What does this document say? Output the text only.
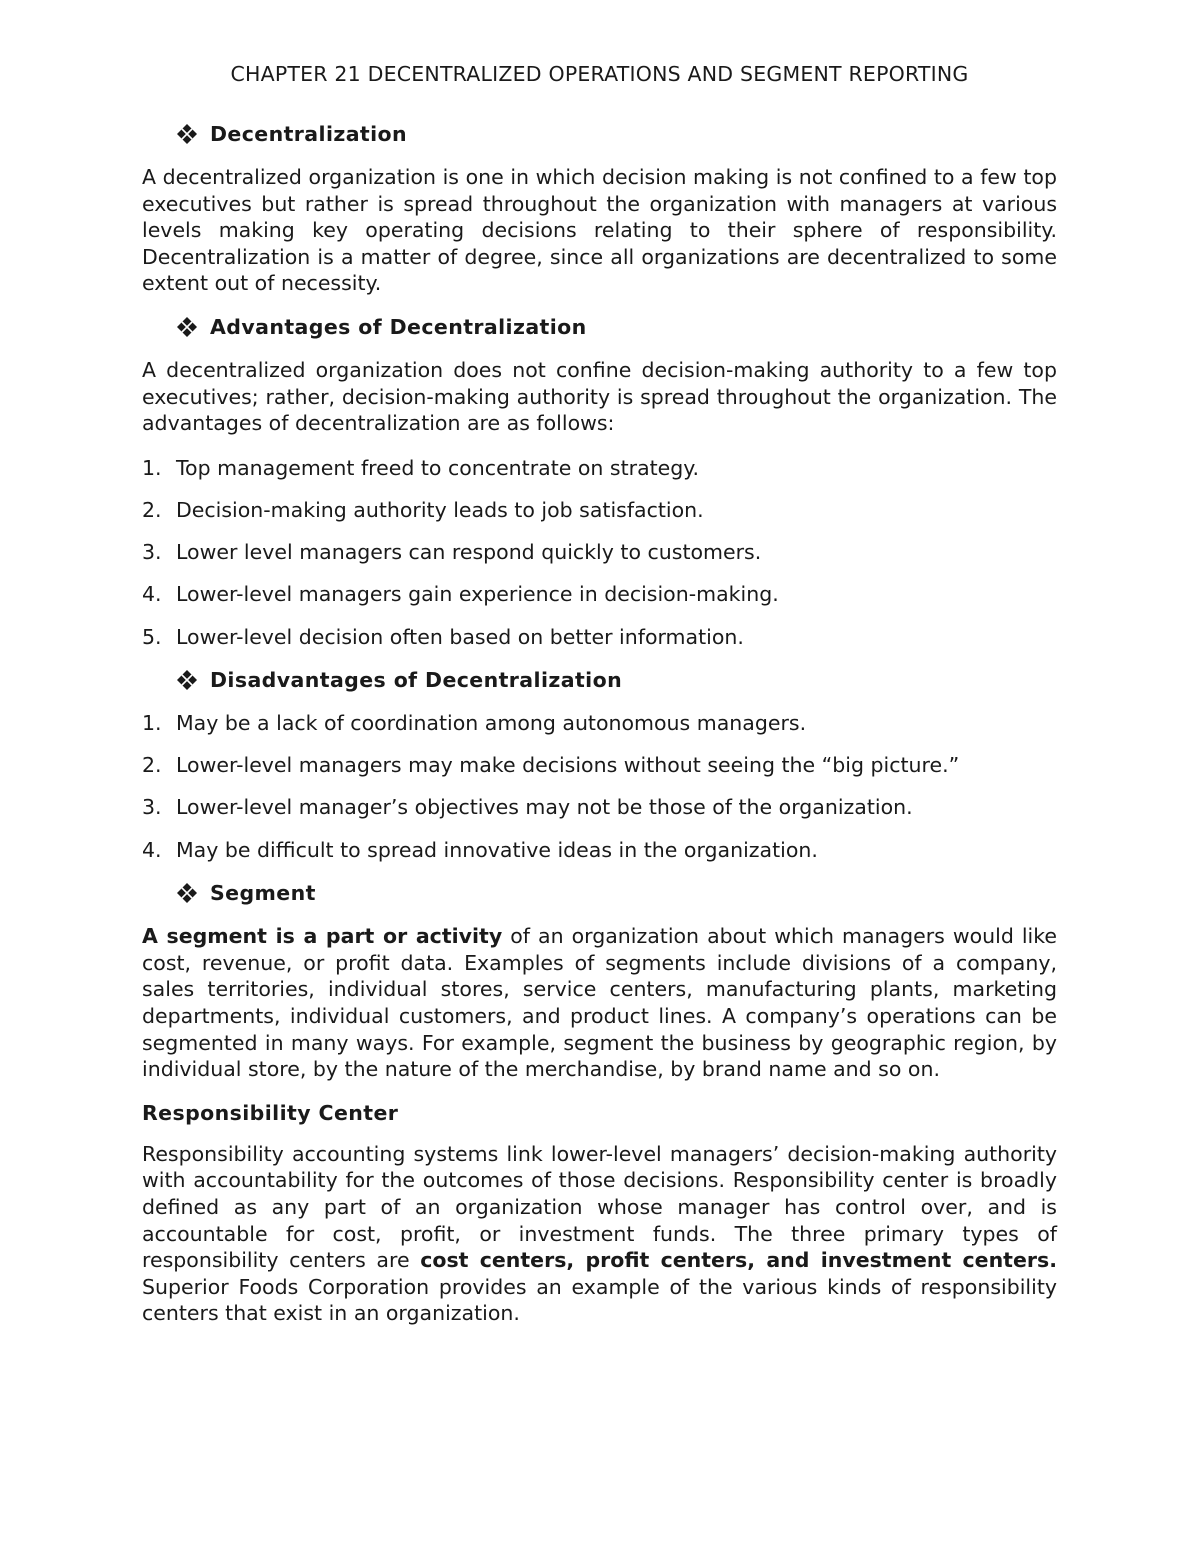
CHAPTER 21 DECENTRALIZED OPERATIONS AND SEGMENT REPORTING
Decentralization

A decentralized organization is one in which decision making is not confined to a few top executives but rather is spread throughout the organization with managers at various levels making key operating decisions relating to their sphere of responsibility. Decentralization is a matter of degree, since all organizations are decentralized to some extent out of necessity.

Advantages of Decentralization

A decentralized organization does not confine decision-making authority to a few top executives; rather, decision-making authority is spread throughout the organization. The advantages of decentralization are as follows:

1. Top management freed to concentrate on strategy.
2. Decision-making authority leads to job satisfaction.
3. Lower level managers can respond quickly to customers.
4. Lower-level managers gain experience in decision-making.
5. Lower-level decision often based on better information.
Disadvantages of Decentralization
1. May be a lack of coordination among autonomous managers.
2. Lower-level managers may make decisions without seeing the “big picture.”
3. Lower-level manager’s objectives may not be those of the organization.
4. May be difficult to spread innovative ideas in the organization.
Segment

A segment is a part or activity of an organization about which managers would like cost, revenue, or profit data. Examples of segments include divisions of a company, sales territories, individual stores, service centers, manufacturing plants, marketing departments, individual customers, and product lines. A company’s operations can be segmented in many ways. For example, segment the business by geographic region, by individual store, by the nature of the merchandise, by brand name and so on.

Responsibility Center

Responsibility accounting systems link lower-level managers’ decision-making authority with accountability for the outcomes of those decisions. Responsibility center is broadly defined as any part of an organization whose manager has control over, and is accountable for cost, profit, or investment funds. The three primary types of responsibility centers are cost centers, profit centers, and investment centers. Superior Foods Corporation provides an example of the various kinds of responsibility centers that exist in an organization.
